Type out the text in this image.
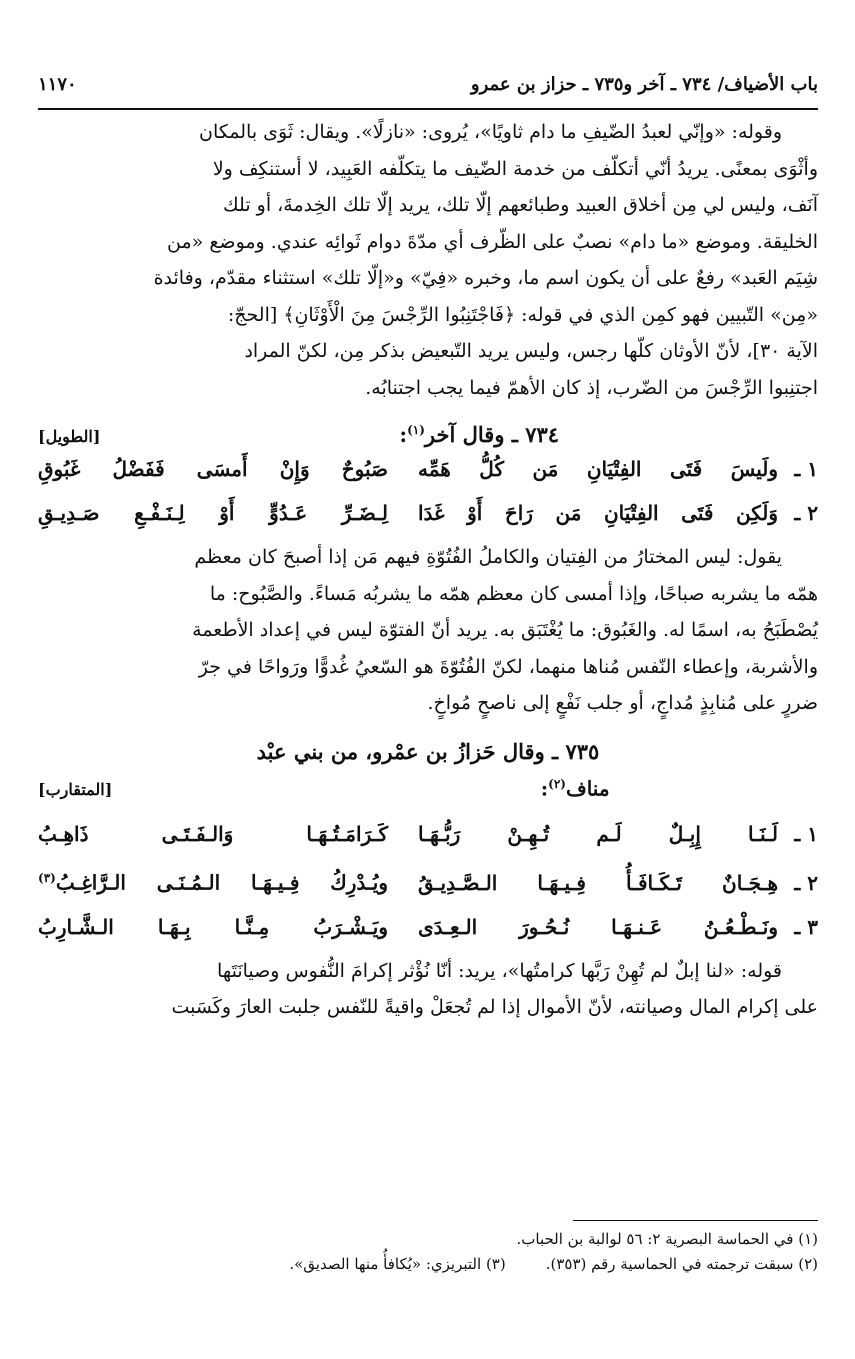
باب الأضياف/ ٧٣٤ ـ آخر و٧٣٥ ـ حزاز بن عمرو
١١٧٠
وقوله: «وإنّي لعبدُ الضّيفِ ما دام ثاويًا»، يُروى: «نازلًا». ويقال: ثَوَى بالمكان
وأثْوَى بمعنًى. يريدُ أنّي أتكلّف من خدمة الضّيف ما يتكلّفه العَبِيد، لا أستنكِف ولا
آنَف، وليس لي مِن أخلاق العبيد وطبائعهم إلّا تلك، يريد إلّا تلك الخِدمةَ، أو تلك
الخليقة. وموضع «ما دام» نصبٌ على الظّرف أي مدّةَ دوام ثَوائِه عندي. وموضع «من
شِيَم العَبد» رفعٌ على أن يكون اسم ما، وخبره «فِيّ» و«إلّا تلك» استثناء مقدّم، وفائدة
«مِن» التّبيين فهو كمِن الذي في قوله: ﴿فَاجْتَنِبُوا الرِّجْسَ مِنَ الْأَوْثَانِ﴾ [الحجّ:
الآية ٣٠]، لأنّ الأوثان كلّها رجس، وليس يريد التّبعيض بذكر مِن، لكنّ المراد
اجتنِبوا الرِّجْسَ من الضّرب، إذ كان الأهمّ فيما يجب اجتنابُه.
٧٣٤ ـ وقال آخر$^{(١)}$:
[الطويل]
١ ـ
ولَيسَ فَتَى الفِتْيَانِ مَن كُلُّ هَمِّه
صَبُوحٌ وَإِنْ أَمسَى فَفَضْلُ غَبُوقِ
٢ ـ
وَلَكِن فَتَى الفِتْيَانِ مَن رَاحَ أَوْ غَدَا
لِـضَـرِّ عَـدُوٍّ أَوْ لِـنَـفْـعِ صَـدِيـقِ
يقول: ليس المختارُ من الفِتيان والكاملُ الفُتُوّةِ فيهم مَن إذا أصبحَ كان معظم
همّه ما يشربه صباحًا، وإذا أمسى كان معظم همّه ما يشربُه مَساءً. والصَّبُوح: ما
يُصْطَبَحُ به، اسمًا له. والغَبُوق: ما يُغْتَبَق به. يريد أنّ الفتوّة ليس في إعداد الأطعمة
والأشربة، وإعطاء النّفس مُناها منهما، لكنّ الفُتُوّةَ هو السّعيُ غُدوًّا ورَواحًا في جرّ
ضررٍ على مُنابِذٍ مُداجٍ، أو جلب نَفْعٍ إلى ناصحٍ مُواخٍ.
٧٣٥ ـ وقال حَزازُ بن عمْرو، من بني عبْد
مناف$^{(٢)}$:
[المتقارب]
١ ـ
لَـنَـا إِبِـلٌ لَـم تُـهِـنْ رَبُّـهَـا
كَـرَامَـتُـهَـا وَالـفَـتَـى ذَاهِـبُ
٢ ـ
هِـجَـانٌ تَـكَـافَـأُ فِـيـهَـا الـصَّـدِيـقُ
ويُـدْرِكُ فِـيـهَـا الـمُـنَـى الـرَّاغِـبُ$^{(٣)}$
٣ ـ
ونَـطْـعُـنُ عَـنـهَـا نُـحُـورَ الـعِـدَى
ويَـشْـرَبُ مِـنَّـا بِـهَـا الـشَّـارِبُ
قوله: «لنا إبلٌ لم تُهِنْ رَبَّها كرامتُها»، يريد: أنّا نُؤْثر إكرامَ النُّفوس وصيانَتَها
على إكرام المال وصيانته، لأنّ الأموال إذا لم تُجعَلْ واقيةً للنّفس جلبت العارَ وكَسَبت
(١) في الحماسة البصرية ٢: ٥٦ لوالبة بن الحباب.
(٢) سبقت ترجمته في الحماسية رقم (٣٥٣).
(٣) التبريزي: «يُكافأُ منها الصديق».
